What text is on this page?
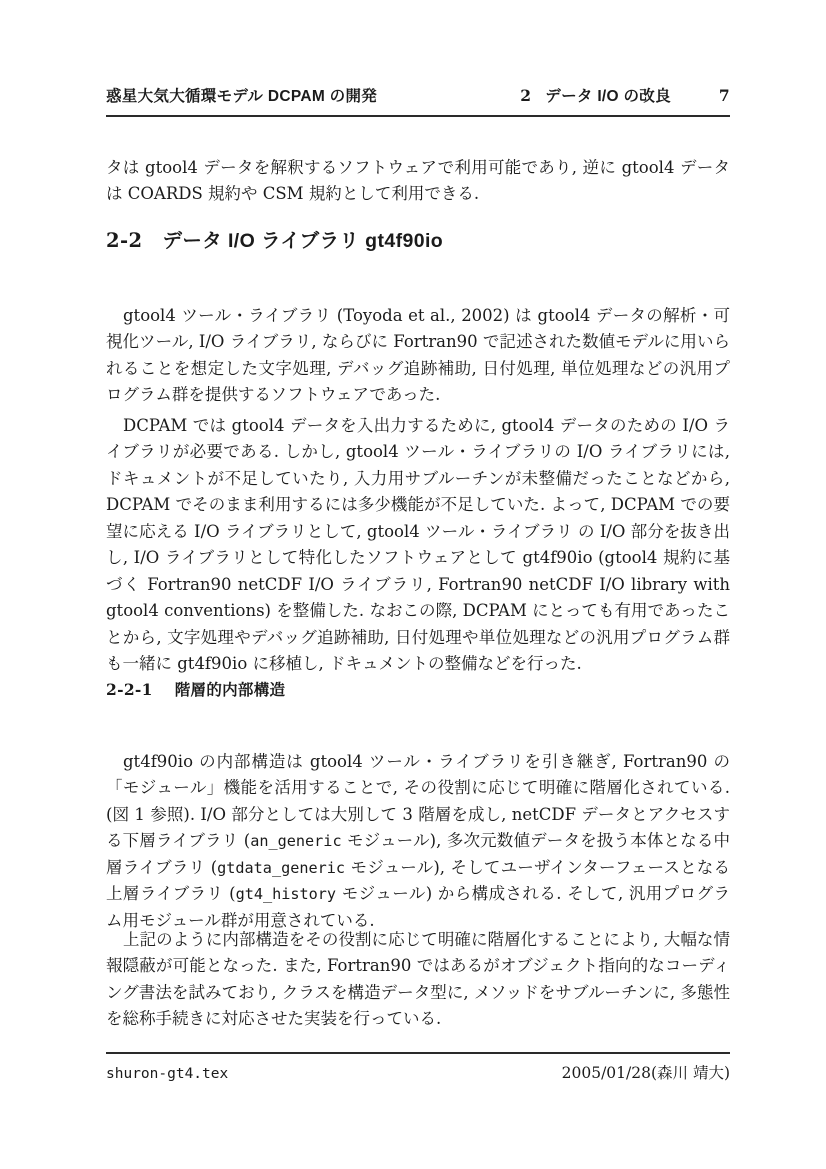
惑星大気大循環モデル DCPAM の開発	2 データ I/O の改良	7

タは gtool4 データを解釈するソフトウェアで利用可能であり, 逆に gtool4 データは COARDS 規約や CSM 規約として利用できる.

2-2 データ I/O ライブラリ gt4f90io

gtool4 ツール・ライブラリ (Toyoda et al., 2002) は gtool4 データの解析・可視化ツール, I/O ライブラリ, ならびに Fortran90 で記述された数値モデルに用いられることを想定した文字処理, デバッグ追跡補助, 日付処理, 単位処理などの汎用プログラム群を提供するソフトウェアであった.

DCPAM では gtool4 データを入出力するために, gtool4 データのための I/O ライブラリが必要である. しかし, gtool4 ツール・ライブラリの I/O ライブラリには, ドキュメントが不足していたり, 入力用サブルーチンが未整備だったことなどから, DCPAM でそのまま利用するには多少機能が不足していた. よって, DCPAM での要望に応える I/O ライブラリとして, gtool4 ツール・ライブラリ の I/O 部分を抜き出し, I/O ライブラリとして特化したソフトウェアとして gt4f90io (gtool4 規約に基づく Fortran90 netCDF I/O ライブラリ, Fortran90 netCDF I/O library with gtool4 conventions) を整備した. なおこの際, DCPAM にとっても有用であったことから, 文字処理やデバッグ追跡補助, 日付処理や単位処理などの汎用プログラム群も一緒に gt4f90io に移植し, ドキュメントの整備などを行った.

2-2-1 階層的内部構造

gt4f90io の内部構造は gtool4 ツール・ライブラリを引き継ぎ, Fortran90 の「モジュール」機能を活用することで, その役割に応じて明確に階層化されている. (図 1 参照). I/O 部分としては大別して 3 階層を成し, netCDF データとアクセスする下層ライブラリ (an_generic モジュール), 多次元数値データを扱う本体となる中層ライブラリ (gtdata_generic モジュール), そしてユーザインターフェースとなる上層ライブラリ (gt4_history モジュール) から構成される. そして, 汎用プログラム用モジュール群が用意されている.

上記のように内部構造をその役割に応じて明確に階層化することにより, 大幅な情報隠蔽が可能となった. また, Fortran90 ではあるがオブジェクト指向的なコーディング書法を試みており, クラスを構造データ型に, メソッドをサブルーチンに, 多態性を総称手続きに対応させた実装を行っている.

shuron-gt4.tex	2005/01/28(森川 靖大)
